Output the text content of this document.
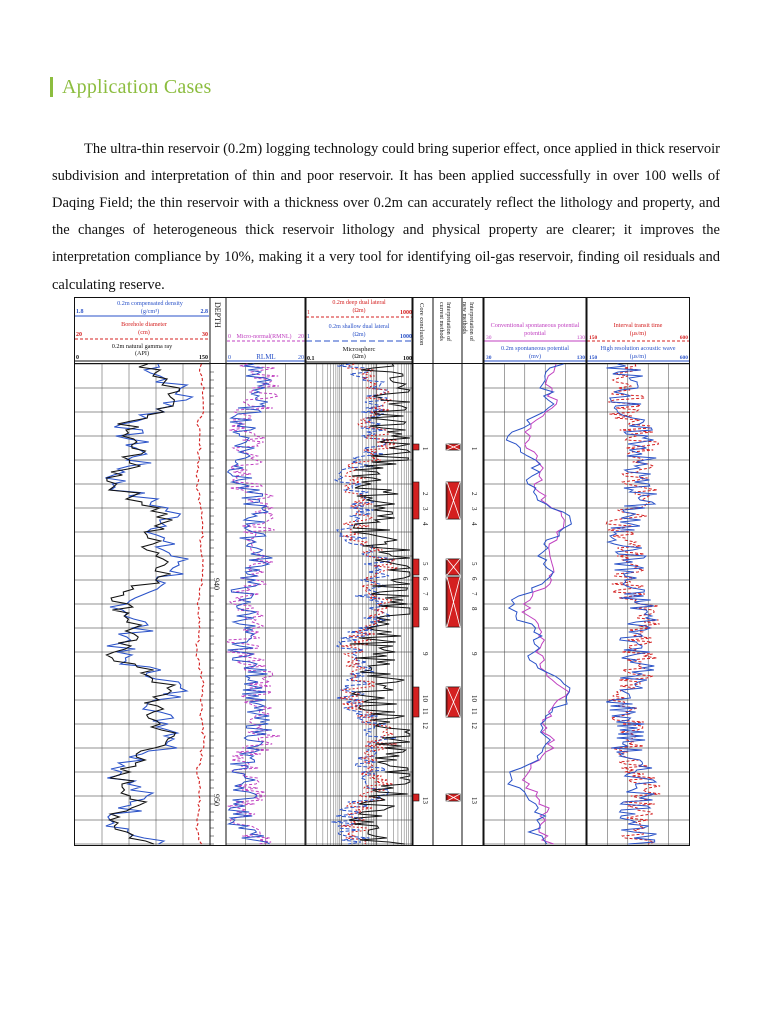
Application Cases

The ultra-thin reservoir (0.2m) logging technology could bring superior effect, once applied in thick reservoir subdivision and interpretation of thin and poor reservoir. It has been applied successfully in over 100 wells of Daqing Field; the thin reservoir with a thickness over 0.2m can accurately reflect the lithology and property, and the changes of heterogeneous thick reservoir lithology and physical property are clearer; it improves the interpretation compliance by 10%, making it a very tool for identifying oil-gas reservoir, finding oil residuals and calculating reserve.

0.2m compensated density
(g/cm³)
1.8	2.8
Borehole diameter
(cm)
20	30
0.2m natural gamma ray
(API)
0	150
DEPTH
0 Micro-normal(RMNL) 20
0	RLML	20
0.2m deep dual lateral
(Ωm)
1	1000
0.2m shallow dual lateral
(Ωm)
1	1000
Microspherc
(Ωm)
0.1	100
Core conclusion	Interpretation ofcurrent methods	Interpretation ofnew methods	Conventional spontaneous potential
potential
30	130
0.2m spontaneous potential
(mv)
30	130
Interval transit time
(μs/m)
150	600
High resolution acoustic wave
(μs/m)
150	600
1
2
3
4
5
6
7
8
9
10
11
12
13
1
2
3
4
5
6
7
8
9
10
11
12
13
940
950
